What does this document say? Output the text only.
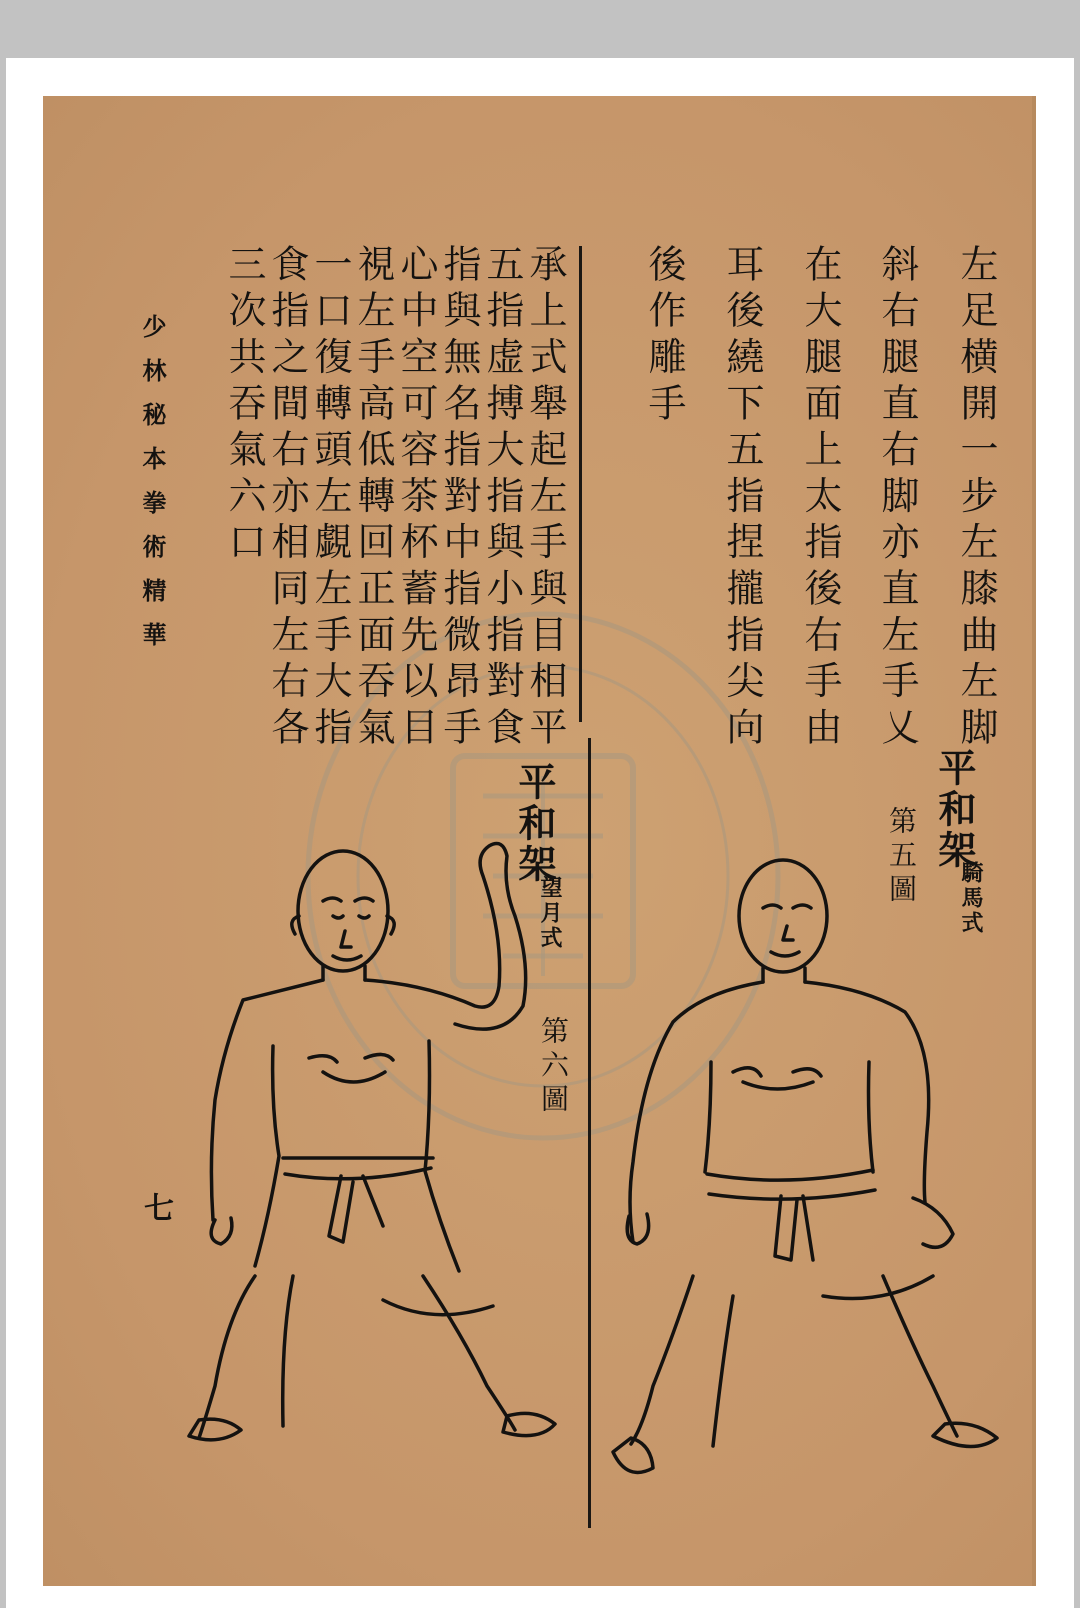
左足横開一步左膝曲左脚

斜右腿直右脚亦直左手乂

在大腿面上太指後右手由

耳後繞下五指捏攏指尖向

後作雕手

承上式舉起左手與目相平

五指虚搏大指與小指對食

指與無名指對中指微昂手

心中空可容茶杯蓄先以目

視左手高低轉回正面吞氣

一口復轉頭左覷左手大指

食指之間右亦相同左右各

三次共吞氣六口

少林秘本拳術精華

七

平和架

騎馬式

第五圖

平和架

望月式

第六圖
